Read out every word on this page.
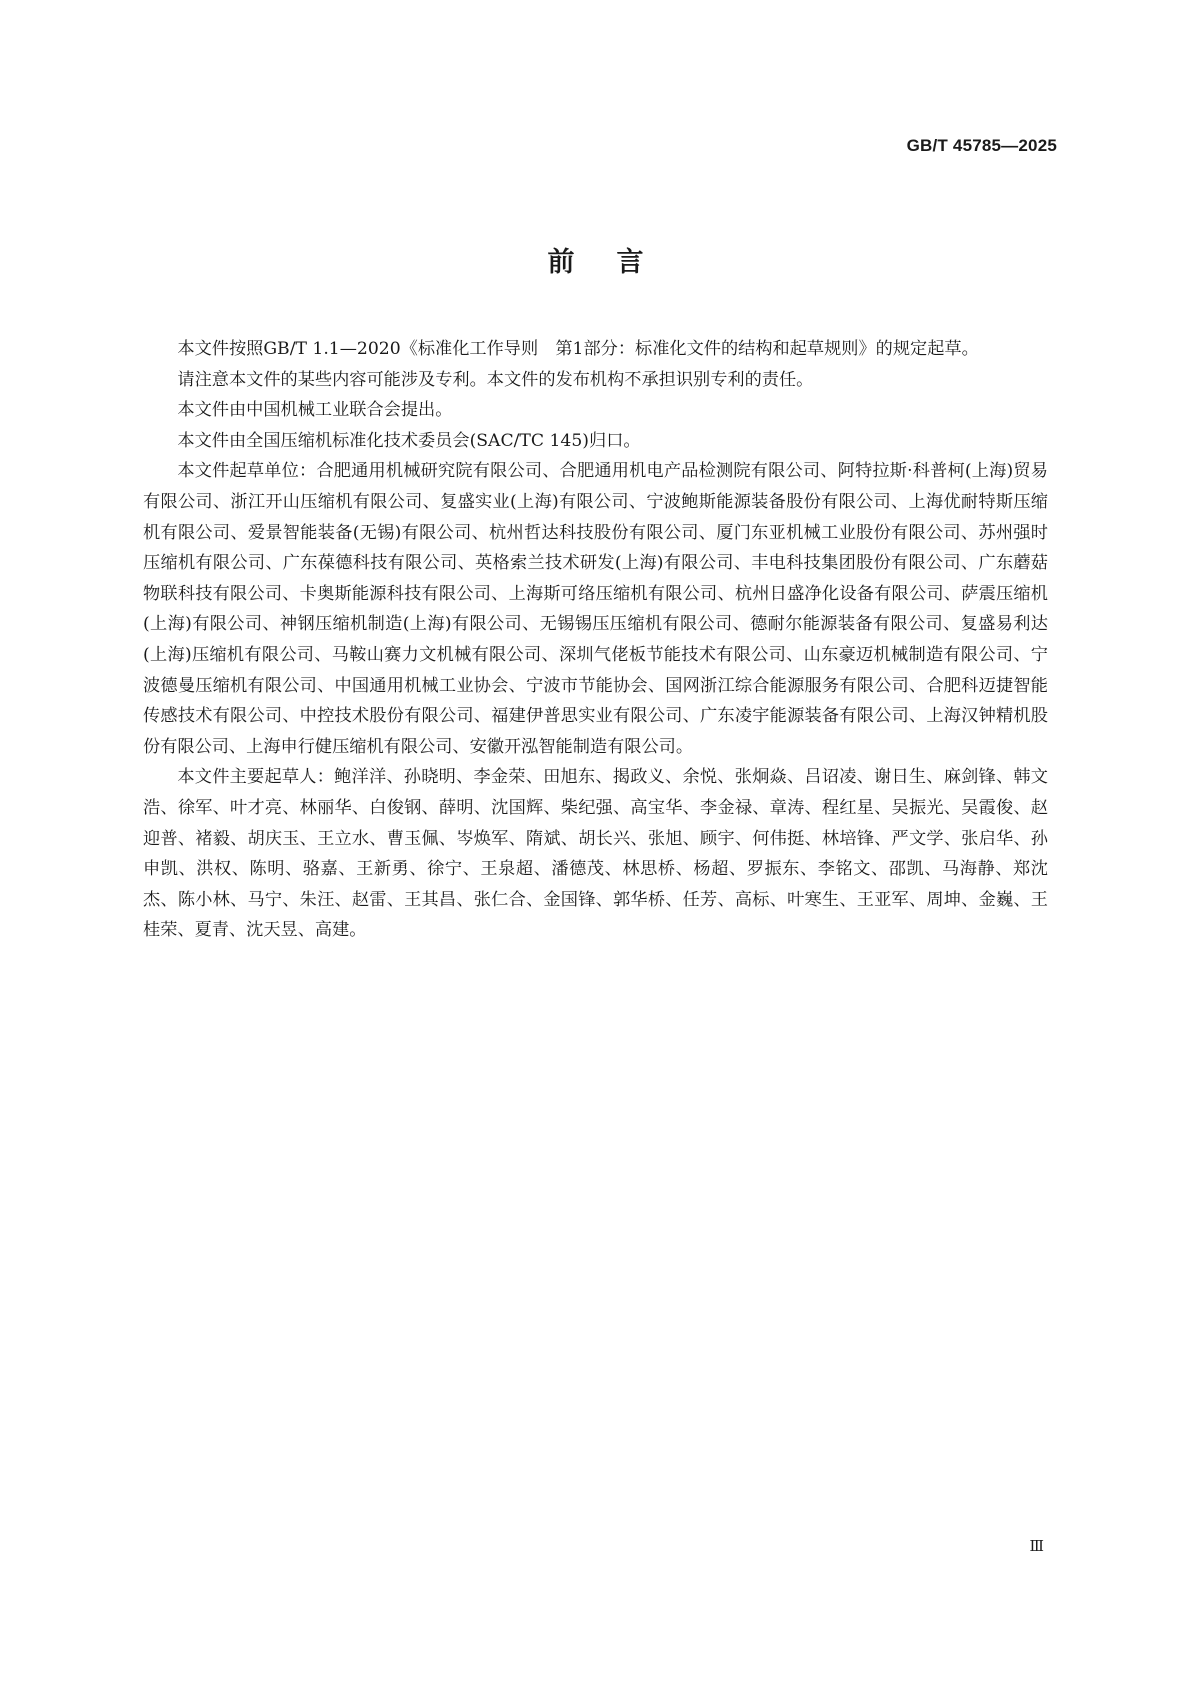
GB/T 45785—2025
前言

本文件按照GB/T 1.1—2020《标准化工作导则　第1部分：标准化文件的结构和起草规则》的规定起草。

请注意本文件的某些内容可能涉及专利。本文件的发布机构不承担识别专利的责任。

本文件由中国机械工业联合会提出。

本文件由全国压缩机标准化技术委员会(SAC/TC 145)归口。

本文件起草单位：合肥通用机械研究院有限公司、合肥通用机电产品检测院有限公司、阿特拉斯·科普柯(上海)贸易有限公司、浙江开山压缩机有限公司、复盛实业(上海)有限公司、宁波鲍斯能源装备股份有限公司、上海优耐特斯压缩机有限公司、爱景智能装备(无锡)有限公司、杭州哲达科技股份有限公司、厦门东亚机械工业股份有限公司、苏州强时压缩机有限公司、广东葆德科技有限公司、英格索兰技术研发(上海)有限公司、丰电科技集团股份有限公司、广东蘑菇物联科技有限公司、卡奥斯能源科技有限公司、上海斯可络压缩机有限公司、杭州日盛净化设备有限公司、萨震压缩机(上海)有限公司、神钢压缩机制造(上海)有限公司、无锡锡压压缩机有限公司、德耐尔能源装备有限公司、复盛易利达(上海)压缩机有限公司、马鞍山赛力文机械有限公司、深圳气佬板节能技术有限公司、山东豪迈机械制造有限公司、宁波德曼压缩机有限公司、中国通用机械工业协会、宁波市节能协会、国网浙江综合能源服务有限公司、合肥科迈捷智能传感技术有限公司、中控技术股份有限公司、福建伊普思实业有限公司、广东凌宇能源装备有限公司、上海汉钟精机股份有限公司、上海申行健压缩机有限公司、安徽开泓智能制造有限公司。

本文件主要起草人：鲍洋洋、孙晓明、李金荣、田旭东、揭政义、余悦、张炯焱、吕诏凌、谢日生、麻剑锋、韩文浩、徐军、叶才亮、林丽华、白俊钢、薛明、沈国辉、柴纪强、高宝华、李金禄、章涛、程红星、吴振光、吴霞俊、赵迎普、褚毅、胡庆玉、王立水、曹玉佩、岑焕军、隋斌、胡长兴、张旭、顾宇、何伟挺、林培锋、严文学、张启华、孙申凯、洪权、陈明、骆嘉、王新勇、徐宁、王泉超、潘德茂、林思桥、杨超、罗振东、李铭文、邵凯、马海静、郑沈杰、陈小林、马宁、朱汪、赵雷、王其昌、张仁合、金国锋、郭华桥、任芳、高标、叶寒生、王亚军、周坤、金巍、王桂荣、夏青、沈天昱、高建。

Ⅲ
